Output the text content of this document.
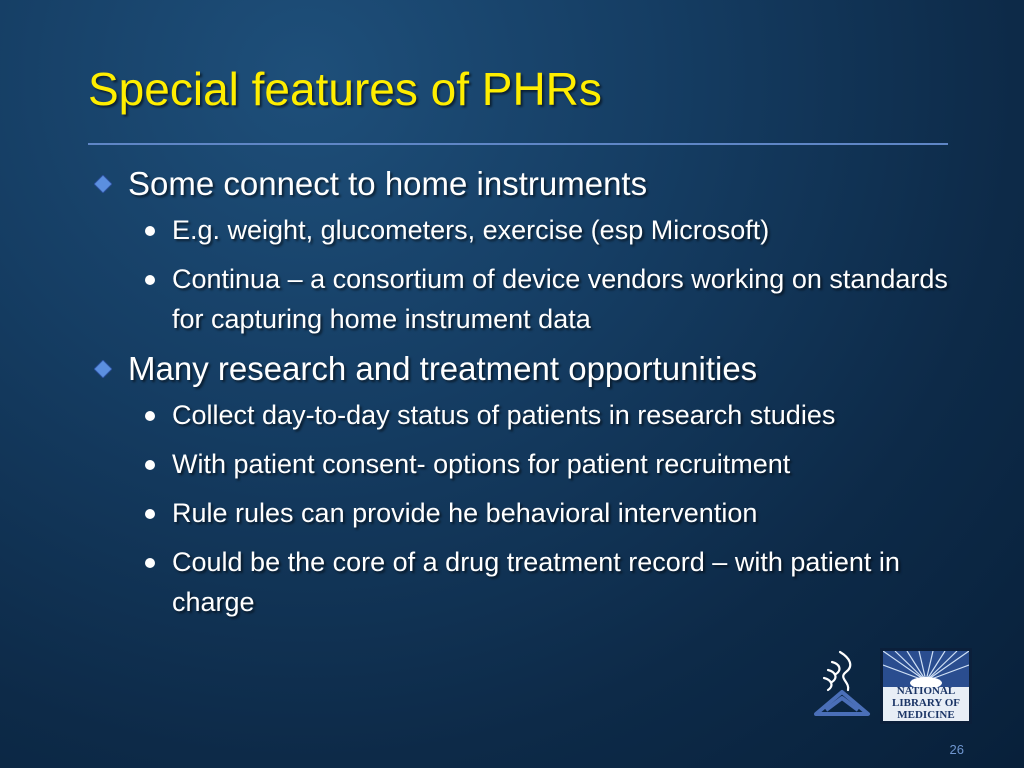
Special features of PHRs
Some connect to home instruments
E.g. weight, glucometers, exercise (esp Microsoft)
Continua – a consortium of device vendors working on standards for capturing home instrument data
Many research and treatment opportunities
Collect day-to-day status of patients in research studies
With patient consent- options for patient recruitment
Rule rules can provide he behavioral intervention
Could be the core of a drug treatment record – with patient in charge
NATIONAL
LIBRARY OF
MEDICINE
26
